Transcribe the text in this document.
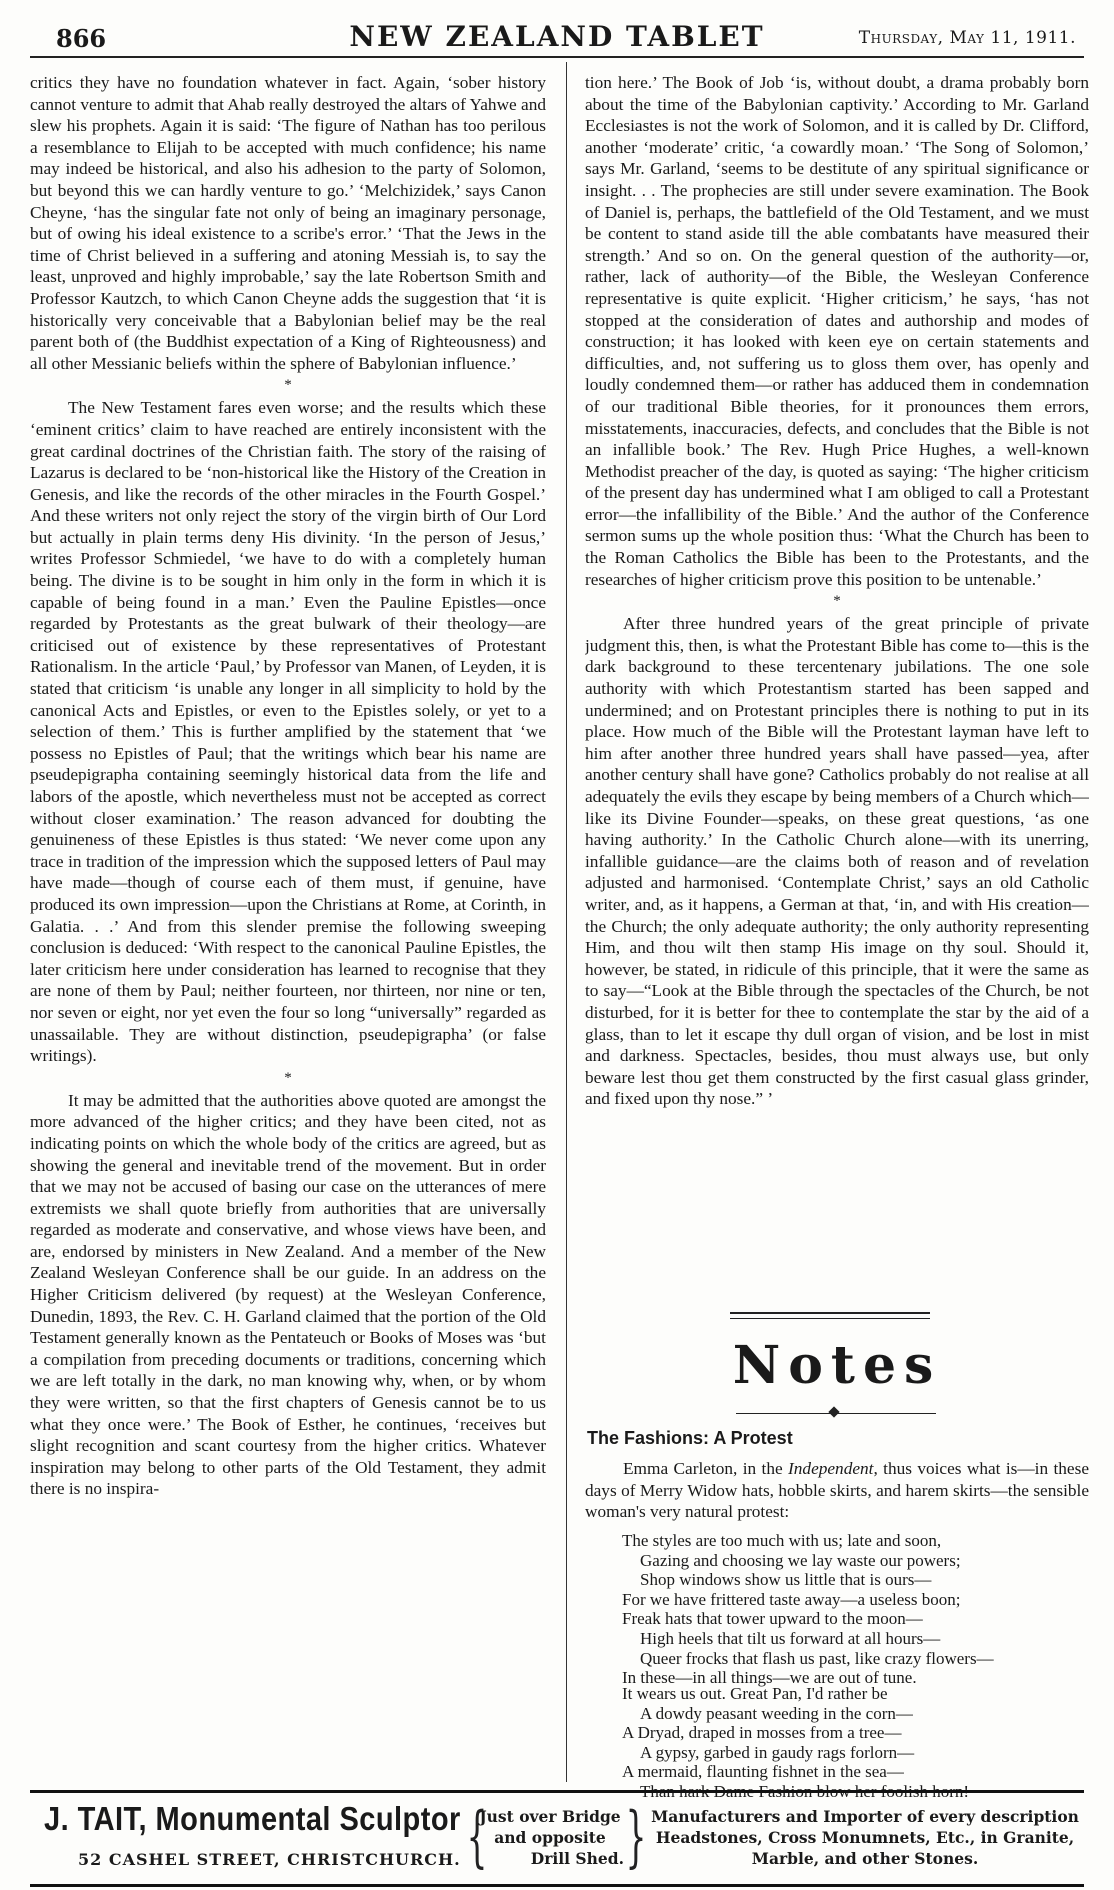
866	NEW ZEALAND TABLET	Thursday, May 11, 1911.

critics they have no foundation whatever in fact. Again, ‘sober history cannot venture to admit that Ahab really destroyed the altars of Yahwe and slew his prophets. Again it is said: ‘The figure of Nathan has too perilous a resemblance to Elijah to be accepted with much confidence; his name may indeed be historical, and also his adhesion to the party of Solomon, but beyond this we can hardly venture to go.’ ‘Melchizidek,’ says Canon Cheyne, ‘has the singular fate not only of being an imaginary personage, but of owing his ideal existence to a scribe's error.’ ‘That the Jews in the time of Christ believed in a suffering and atoning Messiah is, to say the least, unproved and highly improbable,’ say the late Robertson Smith and Professor Kautzch, to which Canon Cheyne adds the suggestion that ‘it is historically very conceivable that a Babylonian belief may be the real parent both of (the Buddhist expectation of a King of Righteousness) and all other Messianic beliefs within the sphere of Babylonian influence.’

*

The New Testament fares even worse; and the results which these ‘eminent critics’ claim to have reached are entirely inconsistent with the great cardinal doctrines of the Christian faith. The story of the raising of Lazarus is declared to be ‘non-historical like the History of the Creation in Genesis, and like the records of the other miracles in the Fourth Gospel.’ And these writers not only reject the story of the virgin birth of Our Lord but actually in plain terms deny His divinity. ‘In the person of Jesus,’ writes Professor Schmiedel, ‘we have to do with a completely human being. The divine is to be sought in him only in the form in which it is capable of being found in a man.’ Even the Pauline Epistles—once regarded by Protestants as the great bulwark of their theology—are criticised out of existence by these representatives of Protestant Rationalism. In the article ‘Paul,’ by Professor van Manen, of Leyden, it is stated that criticism ‘is unable any longer in all simplicity to hold by the canonical Acts and Epistles, or even to the Epistles solely, or yet to a selection of them.’ This is further amplified by the statement that ‘we possess no Epistles of Paul; that the writings which bear his name are pseudepigrapha containing seemingly historical data from the life and labors of the apostle, which nevertheless must not be accepted as correct without closer examination.’ The reason advanced for doubting the genuineness of these Epistles is thus stated: ‘We never come upon any trace in tradition of the impression which the supposed letters of Paul may have made—though of course each of them must, if genuine, have produced its own impression—upon the Christians at Rome, at Corinth, in Galatia. . .’ And from this slender premise the following sweeping conclusion is deduced: ‘With respect to the canonical Pauline Epistles, the later criticism here under consideration has learned to recognise that they are none of them by Paul; neither fourteen, nor thirteen, nor nine or ten, nor seven or eight, nor yet even the four so long “universally” regarded as unassailable. They are without distinction, pseudepigrapha’ (or false writings).

*

It may be admitted that the authorities above quoted are amongst the more advanced of the higher critics; and they have been cited, not as indicating points on which the whole body of the critics are agreed, but as showing the general and inevitable trend of the movement. But in order that we may not be accused of basing our case on the utterances of mere extremists we shall quote briefly from authorities that are universally regarded as moderate and conservative, and whose views have been, and are, endorsed by ministers in New Zealand. And a member of the New Zealand Wesleyan Conference shall be our guide. In an address on the Higher Criticism delivered (by request) at the Wesleyan Conference, Dunedin, 1893, the Rev. C. H. Garland claimed that the portion of the Old Testament generally known as the Pentateuch or Books of Moses was ‘but a compilation from preceding documents or traditions, concerning which we are left totally in the dark, no man knowing why, when, or by whom they were written, so that the first chapters of Genesis cannot be to us what they once were.’ The Book of Esther, he continues, ‘receives but slight recognition and scant courtesy from the higher critics. Whatever inspiration may belong to other parts of the Old Testament, they admit there is no inspira-

tion here.’ The Book of Job ‘is, without doubt, a drama probably born about the time of the Babylonian captivity.’ According to Mr. Garland Ecclesiastes is not the work of Solomon, and it is called by Dr. Clifford, another ‘moderate’ critic, ‘a cowardly moan.’ ‘The Song of Solomon,’ says Mr. Garland, ‘seems to be destitute of any spiritual significance or insight. . . The prophecies are still under severe examination. The Book of Daniel is, perhaps, the battlefield of the Old Testament, and we must be content to stand aside till the able combatants have measured their strength.’ And so on. On the general question of the authority—or, rather, lack of authority—of the Bible, the Wesleyan Conference representative is quite explicit. ‘Higher criticism,’ he says, ‘has not stopped at the consideration of dates and authorship and modes of construction; it has looked with keen eye on certain statements and difficulties, and, not suffering us to gloss them over, has openly and loudly condemned them—or rather has adduced them in condemnation of our traditional Bible theories, for it pronounces them errors, misstatements, inaccuracies, defects, and concludes that the Bible is not an infallible book.’ The Rev. Hugh Price Hughes, a well-known Methodist preacher of the day, is quoted as saying: ‘The higher criticism of the present day has undermined what I am obliged to call a Protestant error—the infallibility of the Bible.’ And the author of the Conference sermon sums up the whole position thus: ‘What the Church has been to the Roman Catholics the Bible has been to the Protestants, and the researches of higher criticism prove this position to be untenable.’

*

After three hundred years of the great principle of private judgment this, then, is what the Protestant Bible has come to—this is the dark background to these tercentenary jubilations. The one sole authority with which Protestantism started has been sapped and undermined; and on Protestant principles there is nothing to put in its place. How much of the Bible will the Protestant layman have left to him after another three hundred years shall have passed—yea, after another century shall have gone? Catholics probably do not realise at all adequately the evils they escape by being members of a Church which—like its Divine Founder—speaks, on these great questions, ‘as one having authority.’ In the Catholic Church alone—with its unerring, infallible guidance—are the claims both of reason and of revelation adjusted and harmonised. ‘Contemplate Christ,’ says an old Catholic writer, and, as it happens, a German at that, ‘in, and with His creation—the Church; the only adequate authority; the only authority representing Him, and thou wilt then stamp His image on thy soul. Should it, however, be stated, in ridicule of this principle, that it were the same as to say—“Look at the Bible through the spectacles of the Church, be not disturbed, for it is better for thee to contemplate the star by the aid of a glass, than to let it escape thy dull organ of vision, and be lost in mist and darkness. Spectacles, besides, thou must always use, but only beware lest thou get them constructed by the first casual glass grinder, and fixed upon thy nose.” ’

Notes
The Fashions: A Protest

Emma Carleton, in the Independent, thus voices what is—in these days of Merry Widow hats, hobble skirts, and harem skirts—the sensible woman's very natural protest:

The styles are too much with us; late and soon,
Gazing and choosing we lay waste our powers;
Shop windows show us little that is ours—
For we have frittered taste away—a useless boon;
Freak hats that tower upward to the moon—
High heels that tilt us forward at all hours—
Queer frocks that flash us past, like crazy flowers—
In these—in all things—we are out of tune.
It wears us out. Great Pan, I'd rather be
A dowdy peasant weeding in the corn—
A Dryad, draped in mosses from a tree—
A gypsy, garbed in gaudy rags forlorn—
A mermaid, flaunting fishnet in the sea—
Than hark Dame Fashion blow her foolish horn!
J. TAIT, Monumental Sculptor
52 CASHEL STREET, CHRISTCHURCH. {
Just over Bridge
and opposite
Drill Shed. } Manufacturers and Importer of every description
Headstones, Cross Monumnets, Etc., in Granite,
Marble, and other Stones.
